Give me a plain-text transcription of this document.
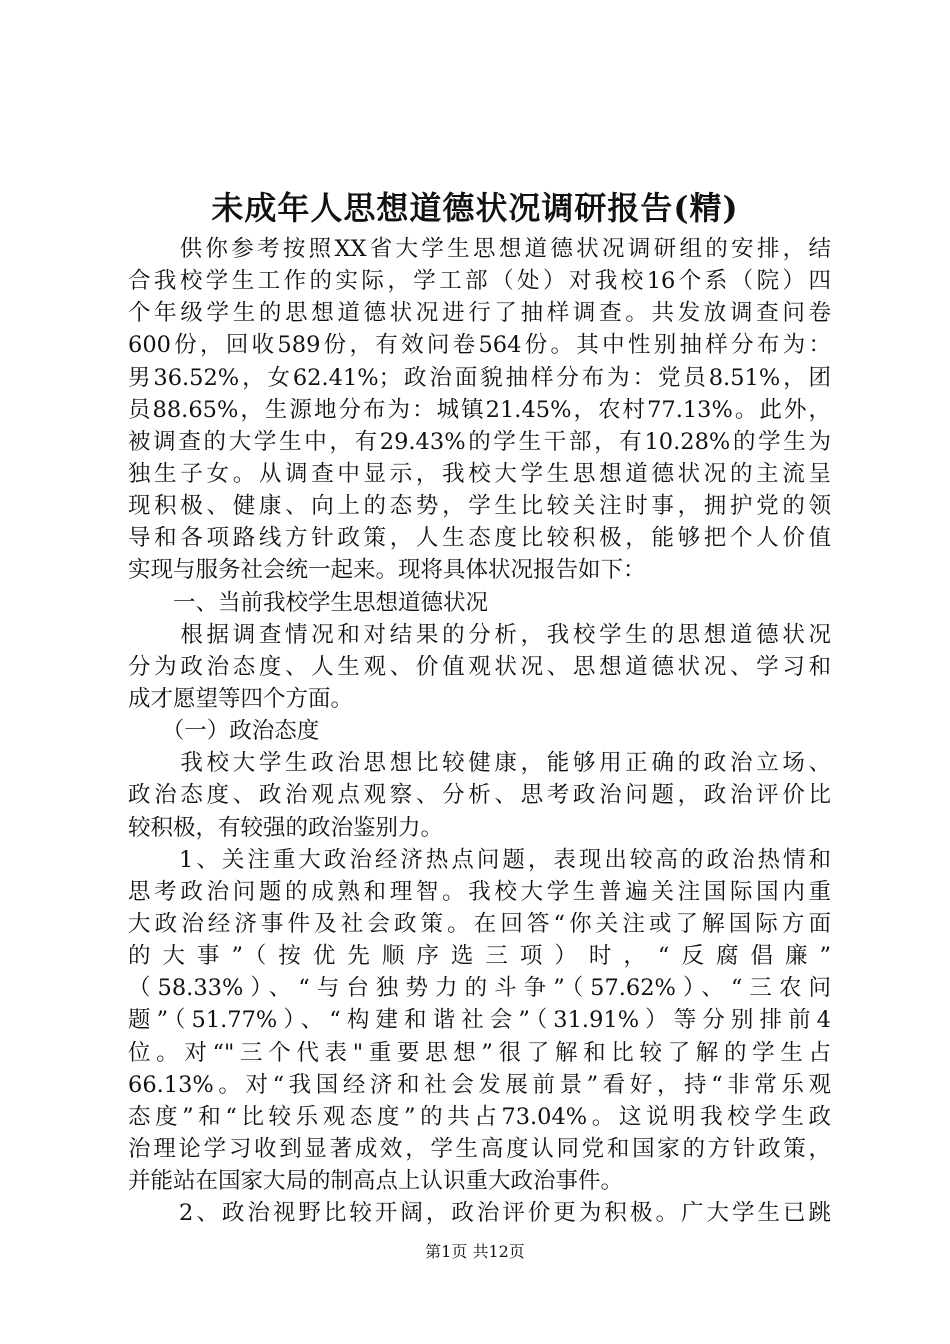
未成年人思想道德状况调研报告(精)
　　供你参考按照XX省大学生思想道德状况调研组的安排，结
合我校学生工作的实际，学工部（处）对我校16个系（院）四
个年级学生的思想道德状况进行了抽样调查。共发放调查问卷
600份，回收589份，有效问卷564份。其中性别抽样分布为：
男36.52%，女62.41%；政治面貌抽样分布为：党员8.51%，团
员88.65%，生源地分布为：城镇21.45%，农村77.13%。此外，
被调查的大学生中，有29.43%的学生干部，有10.28%的学生为
独生子女。从调查中显示，我校大学生思想道德状况的主流呈
现积极、健康、向上的态势，学生比较关注时事，拥护党的领
导和各项路线方针政策，人生态度比较积极，能够把个人价值
实现与服务社会统一起来。现将具体状况报告如下：
　　一、当前我校学生思想道德状况
　　根据调查情况和对结果的分析，我校学生的思想道德状况
分为政治态度、人生观、价值观状况、思想道德状况、学习和
成才愿望等四个方面。
　　（一）政治态度
　　我校大学生政治思想比较健康，能够用正确的政治立场、
政治态度、政治观点观察、分析、思考政治问题，政治评价比
较积极，有较强的政治鉴别力。
　　1、关注重大政治经济热点问题，表现出较高的政治热情和
思考政治问题的成熟和理智。我校大学生普遍关注国际国内重
大政治经济事件及社会政策。在回答“你关注或了解国际方面
的大事”（按优先顺序选三项）时，“反腐倡廉”
（58.33%）、“与台独势力的斗争”（57.62%）、“三农问
题”（51.77%）、“构建和谐社会”（31.91%）等分别排前4
位。对“"三个代表"重要思想”很了解和比较了解的学生占
66.13%。对“我国经济和社会发展前景”看好，持“非常乐观
态度”和“比较乐观态度”的共占73.04%。这说明我校学生政
治理论学习收到显著成效，学生高度认同党和国家的方针政策，
并能站在国家大局的制高点上认识重大政治事件。
　　2、政治视野比较开阔，政治评价更为积极。广大学生已跳
第1页 共12页
